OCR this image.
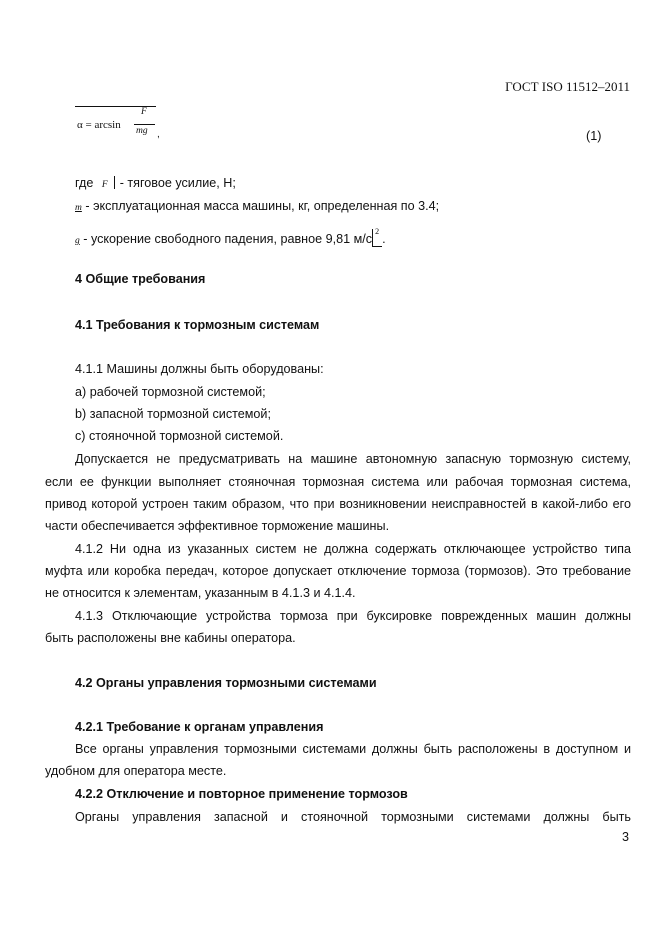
ГОСТ ISO 11512–2011
α = arcsin
F
mg ,	(1)
где F - тяговое усилие, Н;
m - эксплуатационная масса машины, кг, определенная по 3.4;
g - ускорение свободного падения, равное 9,81 м/с
2
.
4 Общие требования
4.1 Требования к тормозным системам
4.1.1 Машины должны быть оборудованы:
a) рабочей тормозной системой;
b) запасной тормозной системой;
c) стояночной тормозной системой.
Допускается не предусматривать на машине автономную запасную тормозную систему,
если ее функции выполняет стояночная тормозная система или рабочая тормозная система,
привод которой устроен таким образом, что при возникновении неисправностей в какой-либо его
части обеспечивается эффективное торможение машины.
4.1.2 Ни одна из указанных систем не должна содержать отключающее устройство типа
муфта или коробка передач, которое допускает отключение тормоза (тормозов). Это требование
не относится к элементам, указанным в 4.1.3 и 4.1.4.
4.1.3 Отключающие устройства тормоза при буксировке поврежденных машин должны
быть расположены вне кабины оператора.
4.2 Органы управления тормозными системами
4.2.1 Требование к органам управления
Все органы управления тормозными системами должны быть расположены в доступном и
удобном для оператора месте.
4.2.2 Отключение и повторное применение тормозов
Органы управления запасной и стояночной тормозными системами должны быть
3
